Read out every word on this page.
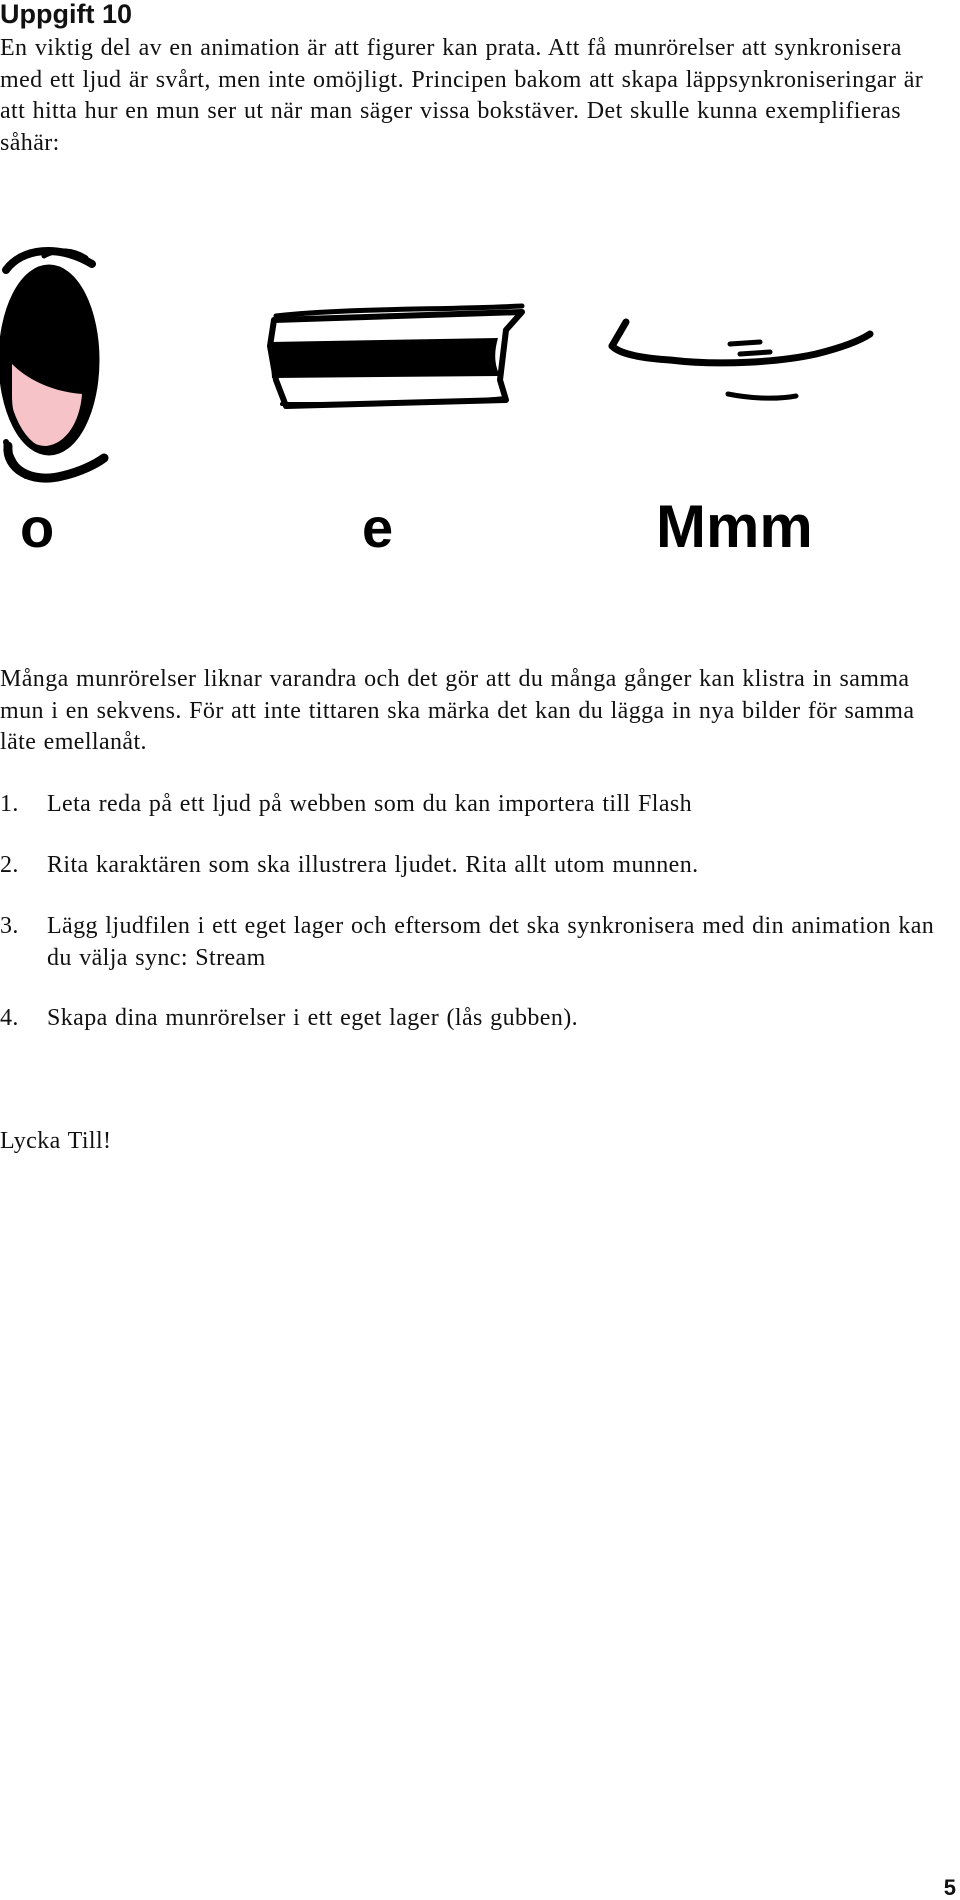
Uppgift 10

En viktig del av en animation är att figurer kan prata. Att få munrörelser att synkronisera med ett ljud är svårt, men inte omöjligt. Principen bakom att skapa läppsynkroniseringar är att hitta hur en mun ser ut när man säger vissa bokstäver. Det skulle kunna exemplifieras såhär:

o	e	Mmm

Många munrörelser liknar varandra och det gör att du många gånger kan klistra in samma mun i en sekvens. För att inte tittaren ska märka det kan du lägga in nya bilder för samma läte emellanåt.

1. Leta reda på ett ljud på webben som du kan importera till Flash
2. Rita karaktären som ska illustrera ljudet. Rita allt utom munnen.
3. Lägg ljudfilen i ett eget lager och eftersom det ska synkronisera med din animation kan du välja sync: Stream
4. Skapa dina munrörelser i ett eget lager (lås gubben).

Lycka Till!

5
